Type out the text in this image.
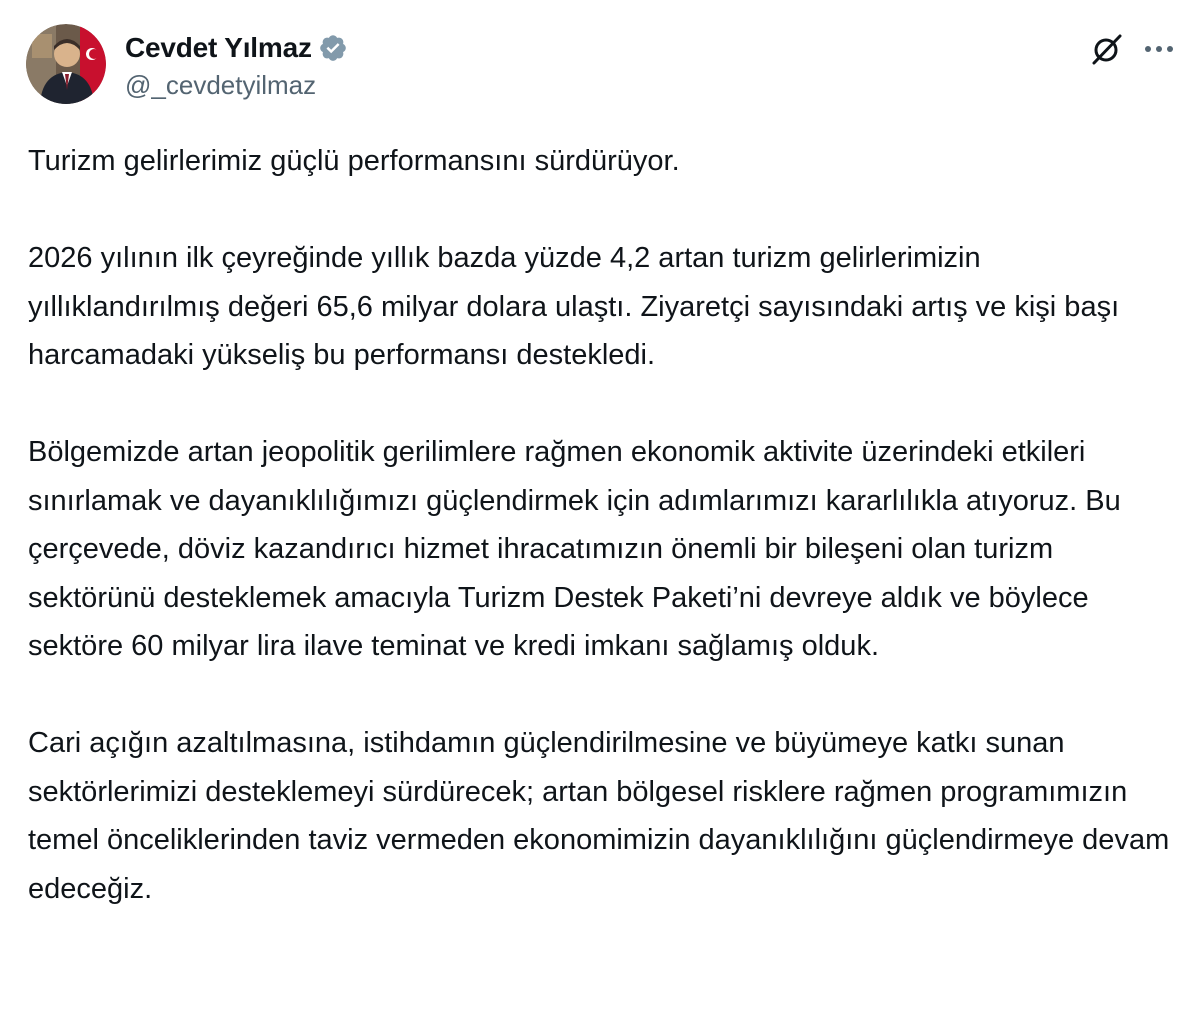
Cevdet Yılmaz
@_cevdetyilmaz

Turizm gelirlerimiz güçlü performansını sürdürüyor.

2026 yılının ilk çeyreğinde yıllık bazda yüzde 4,2 artan turizm gelirlerimizin yıllıklandırılmış değeri 65,6 milyar dolara ulaştı. Ziyaretçi sayısındaki artış ve kişi başı harcamadaki yükseliş bu performansı destekledi.

Bölgemizde artan jeopolitik gerilimlere rağmen ekonomik aktivite üzerindeki etkileri sınırlamak ve dayanıklılığımızı güçlendirmek için adımlarımızı kararlılıkla atıyoruz. Bu çerçevede, döviz kazandırıcı hizmet ihracatımızın önemli bir bileşeni olan turizm sektörünü desteklemek amacıyla Turizm Destek Paketi’ni devreye aldık ve böylece sektöre 60 milyar lira ilave teminat ve kredi imkanı sağlamış olduk.

Cari açığın azaltılmasına, istihdamın güçlendirilmesine ve büyümeye katkı sunan sektörlerimizi desteklemeyi sürdürecek; artan bölgesel risklere rağmen programımızın temel önceliklerinden taviz vermeden ekonomimizin dayanıklılığını güçlendirmeye devam edeceğiz.
